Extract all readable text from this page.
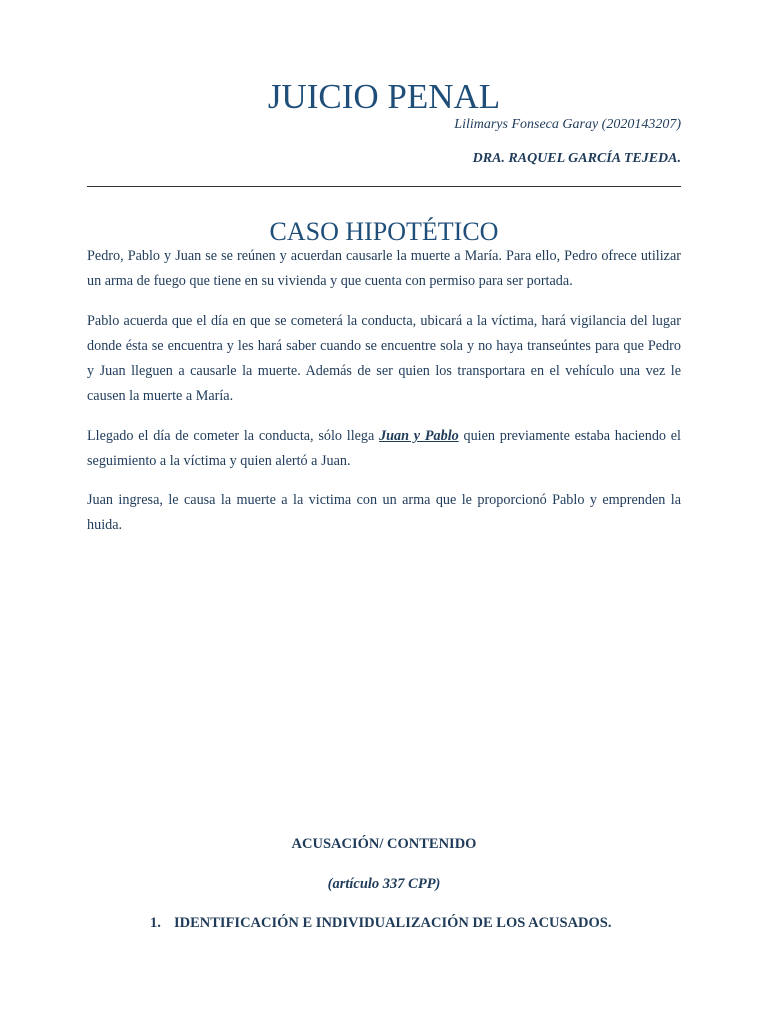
JUICIO PENAL
Lilimarys Fonseca Garay (2020143207)
DRA. RAQUEL GARCÍA TEJEDA.
CASO HIPOTÉTICO

Pedro, Pablo y Juan se se reúnen y acuerdan causarle la muerte a María. Para ello, Pedro ofrece utilizar un arma de fuego que tiene en su vivienda y que cuenta con permiso para ser portada.

Pablo acuerda que el día en que se cometerá la conducta, ubicará a la víctima, hará vigilancia del lugar donde ésta se encuentra y les hará saber cuando se encuentre sola y no haya transeúntes para que Pedro y Juan lleguen a causarle la muerte. Además de ser quien los transportara en el vehículo una vez le causen la muerte a María.

Llegado el día de cometer la conducta, sólo llega Juan y Pablo quien previamente estaba haciendo el seguimiento a la víctima y quien alertó a Juan.

Juan ingresa, le causa la muerte a la victima con un arma que le proporcionó Pablo y emprenden la huida.

ACUSACIÓN/ CONTENIDO
(artículo 337 CPP)
1. IDENTIFICACIÓN E INDIVIDUALIZACIÓN DE LOS ACUSADOS.
